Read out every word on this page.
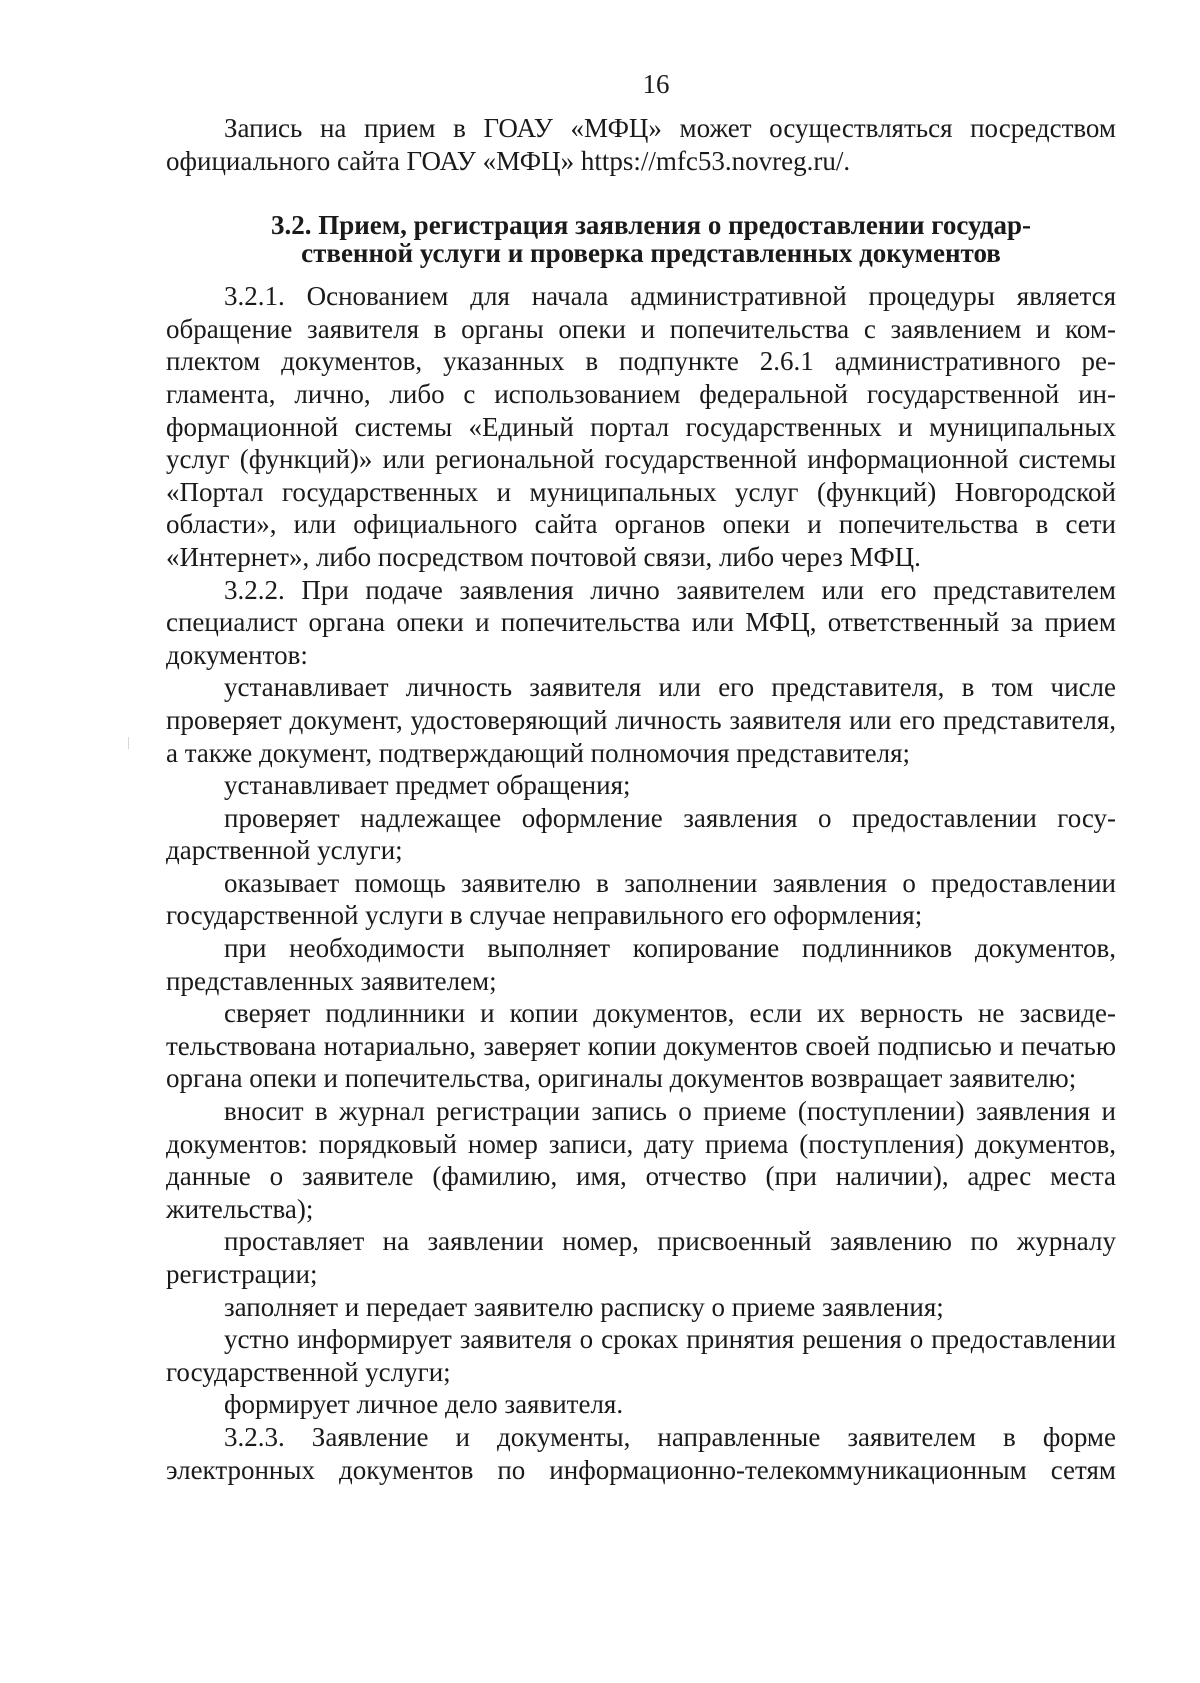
16

Запись на прием в ГОАУ «МФЦ» может осуществляться посредством официального сайта ГОАУ «МФЦ» https://mfc53.novreg.ru/.

3.2. Прием, регистрация заявления о предоставлении государ-
ственной услуги и проверка представленных документов

3.2.1. Основанием для начала административной процедуры является обращение заявителя в органы опеки и попечительства с заявлением и комплектом документов, указанных в подпункте 2.6.1 административного регламента, лично, либо с использованием федеральной государственной информационной системы «Единый портал государственных и муниципальных услуг (функций)» или региональной государственной информационной системы «Портал государственных и муниципальных услуг (функций) Новгородской области», или официального сайта органов опеки и попечительства в сети «Интернет», либо посредством почтовой связи, либо через МФЦ.

3.2.2. При подаче заявления лично заявителем или его представителем специалист органа опеки и попечительства или МФЦ, ответственный за прием документов:

устанавливает личность заявителя или его представителя, в том числе проверяет документ, удостоверяющий личность заявителя или его представителя, а также документ, подтверждающий полномочия представителя;

устанавливает предмет обращения;

проверяет надлежащее оформление заявления о предоставлении государственной услуги;

оказывает помощь заявителю в заполнении заявления о предоставлении государственной услуги в случае неправильного его оформления;

при необходимости выполняет копирование подлинников документов, представленных заявителем;

сверяет подлинники и копии документов, если их верность не засвидетельствована нотариально, заверяет копии документов своей подписью и печатью органа опеки и попечительства, оригиналы документов возвращает заявителю;

вносит в журнал регистрации запись о приеме (поступлении) заявления и документов: порядковый номер записи, дату приема (поступления) документов, данные о заявителе (фамилию, имя, отчество (при наличии), адрес места жительства);

проставляет на заявлении номер, присвоенный заявлению по журналу регистрации;

заполняет и передает заявителю расписку о приеме заявления;

устно информирует заявителя о сроках принятия решения о предоставлении государственной услуги;

формирует личное дело заявителя.

3.2.3. Заявление и документы, направленные заявителем в форме электронных документов по информационно-телекоммуникационным сетям
